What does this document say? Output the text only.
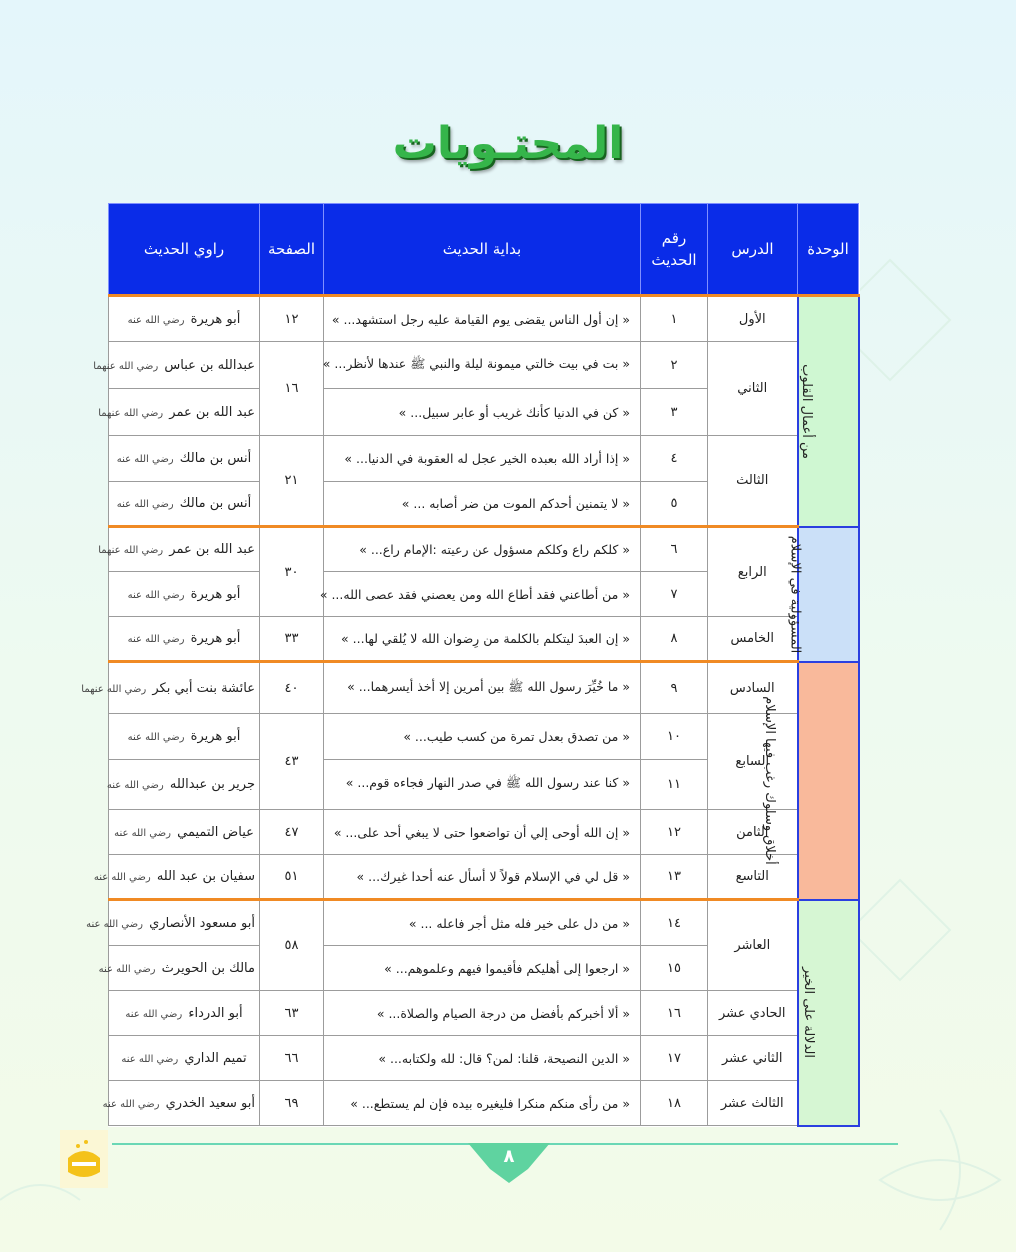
المحتـويات
الوحدة	الدرس	رقم الحديث	بداية الحديث	الصفحة	راوي الحديث
من أعمال القلوب	الأول	١	« إن أول الناس يقضى يوم القيامة عليه رجل استشهد... »	١٢	أبو هريرة رضي الله عنه
	الثاني	٢	« بت في بيت خالتي ميمونة ليلة والنبي ﷺ عندها لأنظر... »	١٦	عبدالله بن عباس رضي الله عنهما
		٣	« كن في الدنيا كأنك غريب أو عابر سبيل... »		عبد الله بن عمر رضي الله عنهما
	الثالث	٤	« إذا أراد الله بعبده الخير عجل له العقوبة في الدنيا... »	٢١	أنس بن مالك رضي الله عنه
		٥	« لا يتمنين أحدكم الموت من ضر أصابه ... »		أنس بن مالك رضي الله عنه
المسؤولية في الإسلام	الرابع	٦	« كلكم راع وكلكم مسؤول عن رعيته :الإمام راع... »	٣٠	عبد الله بن عمر رضي الله عنهما
		٧	« من أطاعني فقد أطاع الله ومن يعصني فقد عصى الله... »		أبو هريرة رضي الله عنه
	الخامس	٨	« إن العبدَ ليتكلم بالكلمة من رِضوان الله لا يُلقي لها... »	٣٣	أبو هريرة رضي الله عنه
أخلاق وسلوك رغب فيها الإسلام	السادس	٩	« ما خُيِّرَ رسول الله ﷺ بين أمرين إلا أخذ أيسرهما... »	٤٠	عائشة بنت أبي بكر رضي الله عنهما
	السابع	١٠	« من تصدق بعدل تمرة من كسب طيب... »	٤٣	أبو هريرة رضي الله عنه
		١١	« كنا عند رسول الله ﷺ في صدر النهار فجاءه قوم... »		جرير بن عبدالله رضي الله عنه
	الثامن	١٢	« إن الله أوحى إلي أن تواضعوا حتى لا يبغي أحد على... »	٤٧	عياض التميمي رضي الله عنه
	التاسع	١٣	« قل لي في الإسلام قولاً لا أسأل عنه أحدا غيرك... »	٥١	سفيان بن عبد الله رضي الله عنه
الدلالة على الخير	العاشر	١٤	« من دل على خير فله مثل أجر فاعله ... »	٥٨	أبو مسعود الأنصاري رضي الله عنه
		١٥	« ارجعوا إلى أهليكم فأقيموا فيهم وعلموهم... »		مالك بن الحويرث رضي الله عنه
	الحادي عشر	١٦	« ألا أخبركم بأفضل من درجة الصيام والصلاة... »	٦٣	أبو الدرداء رضي الله عنه
	الثاني عشر	١٧	« الدين النصيحة، قلنا: لمن؟ قال: لله ولكتابه... »	٦٦	تميم الداري رضي الله عنه
	الثالث عشر	١٨	« من رأى منكم منكرا فليغيره بيده فإن لم يستطع... »	٦٩	أبو سعيد الخدري رضي الله عنه
٨
